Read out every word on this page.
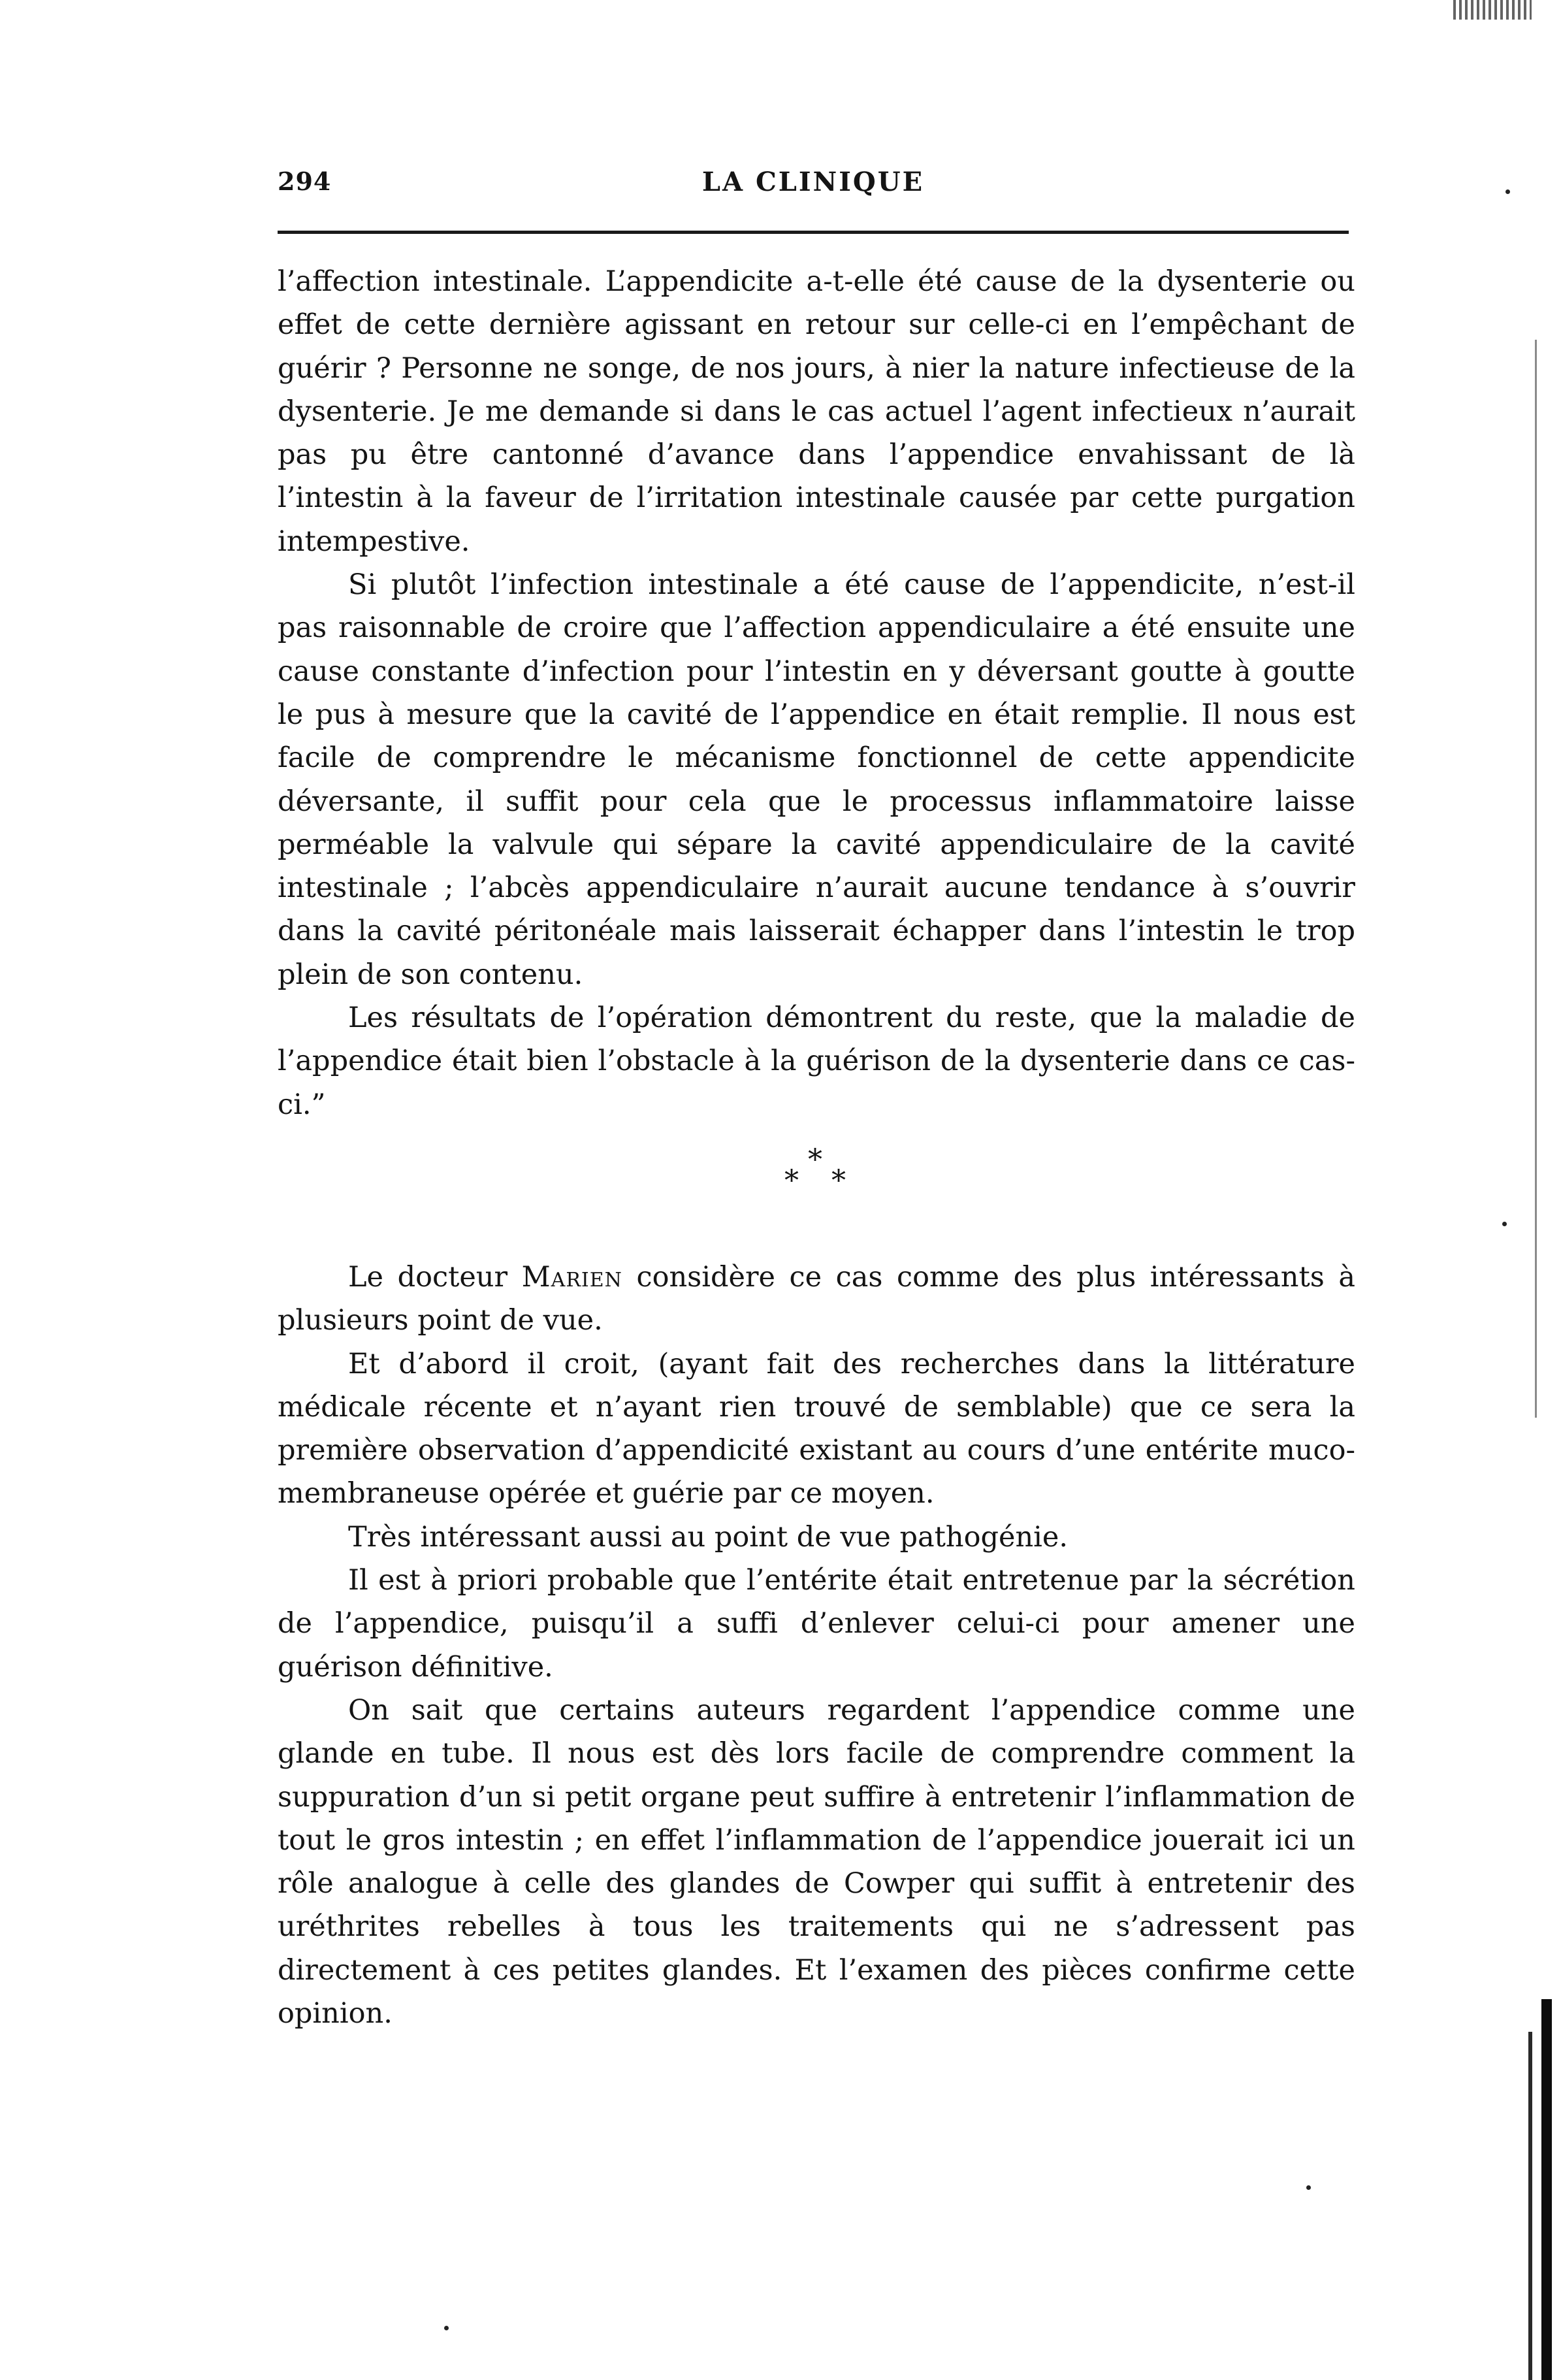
294	LA CLINIQUE

l’affection intestinale. L’appendicite a-t-elle été cause de la dysenterie ou effet de cette dernière agissant en retour sur celle-ci en l’empêchant de guérir ? Personne ne songe, de nos jours, à nier la nature infectieuse de la dysenterie. Je me demande si dans le cas actuel l’agent infectieux n’aurait pas pu être cantonné d’avance dans l’appendice envahissant de là l’intestin à la faveur de l’irritation intestinale causée par cette purgation intempestive.

Si plutôt l’infection intestinale a été cause de l’appendicite, n’est-il pas raisonnable de croire que l’affection appendiculaire a été ensuite une cause constante d’infection pour l’intestin en y déversant goutte à goutte le pus à mesure que la cavité de l’appendice en était remplie. Il nous est facile de comprendre le mécanisme fonctionnel de cette appendicite déversante, il suffit pour cela que le processus inflammatoire laisse perméable la valvule qui sépare la cavité appendiculaire de la cavité intestinale ; l’abcès appendiculaire n’aurait aucune tendance à s’ouvrir dans la cavité péritonéale mais laisserait échapper dans l’intestin le trop plein de son contenu.

Les résultats de l’opération démontrent du reste, que la maladie de l’appendice était bien l’obstacle à la guérison de la dysenterie dans ce cas-ci.”

*
* *

Le docteur Marien considère ce cas comme des plus intéressants à plusieurs point de vue.

Et d’abord il croit, (ayant fait des recherches dans la littérature médicale récente et n’ayant rien trouvé de semblable) que ce sera la première observation d’appendicité existant au cours d’une entérite muco-membraneuse opérée et guérie par ce moyen.

Très intéressant aussi au point de vue pathogénie.

Il est à priori probable que l’entérite était entretenue par la sécrétion de l’appendice, puisqu’il a suffi d’enlever celui-ci pour amener une guérison définitive.

On sait que certains auteurs regardent l’appendice comme une glande en tube. Il nous est dès lors facile de comprendre comment la suppuration d’un si petit organe peut suffire à entretenir l’inflammation de tout le gros intestin ; en effet l’inflammation de l’appendice jouerait ici un rôle analogue à celle des glandes de Cowper qui suffit à entretenir des uréthrites rebelles à tous les traitements qui ne s’adressent pas directement à ces petites glandes. Et l’examen des pièces confirme cette opinion.
